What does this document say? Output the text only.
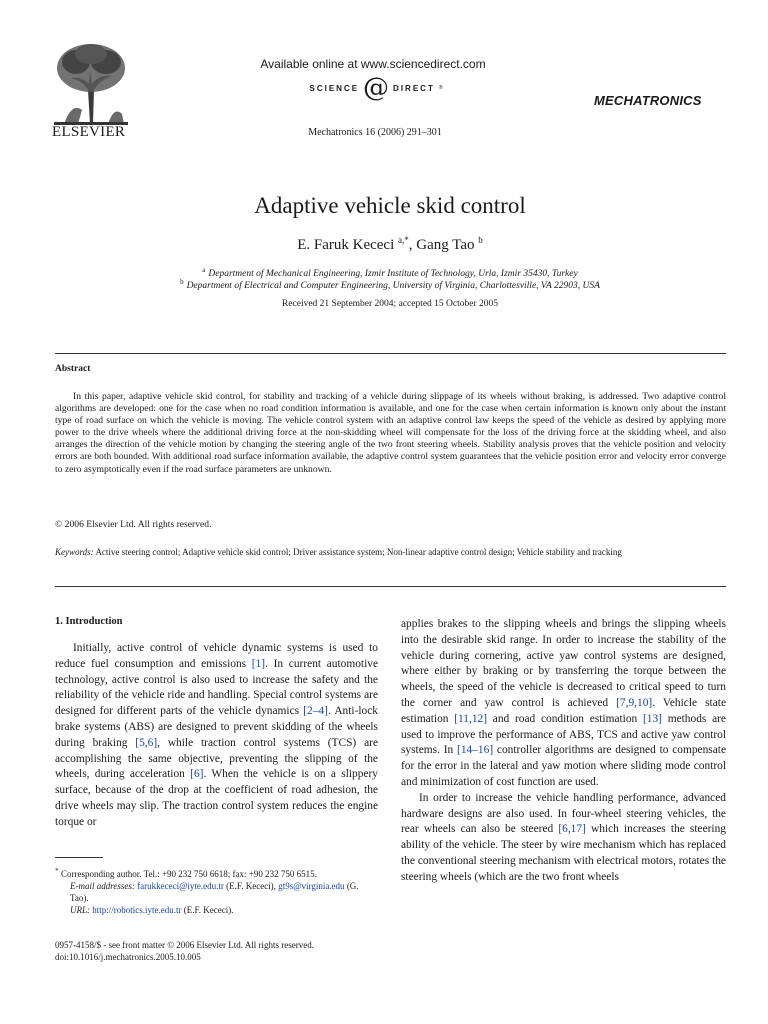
ELSEVIER
Available online at www.sciencedirect.com
SCIENCE @ DIRECT ®
Mechatronics 16 (2006) 291–301
MECHATRONICS
Adaptive vehicle skid control
E. Faruk Kececi $^{a,*}$, Gang Tao $^b$
$^a$ Department of Mechanical Engineering, Izmir Institute of Technology, Urla, Izmir 35430, Turkey
$^b$ Department of Electrical and Computer Engineering, University of Virginia, Charlottesville, VA 22903, USA
Received 21 September 2004; accepted 15 October 2005
Abstract
In this paper, adaptive vehicle skid control, for stability and tracking of a vehicle during slippage of its wheels without braking, is addressed. Two adaptive control algorithms are developed: one for the case when no road condition information is available, and one for the case when certain information is known only about the instant type of road surface on which the vehicle is moving. The vehicle control system with an adaptive control law keeps the speed of the vehicle as desired by applying more power to the drive wheels where the additional driving force at the non-skidding wheel will compensate for the loss of the driving force at the skidding wheel, and also arranges the direction of the vehicle motion by changing the steering angle of the two front steering wheels. Stability analysis proves that the vehicle position and velocity errors are both bounded. With additional road surface information available, the adaptive control system guarantees that the vehicle position error and velocity error converge to zero asymptotically even if the road surface parameters are unknown.
© 2006 Elsevier Ltd. All rights reserved.
Keywords: Active steering control; Adaptive vehicle skid control; Driver assistance system; Non-linear adaptive control design; Vehicle stability and tracking
1. Introduction

Initially, active control of vehicle dynamic systems is used to reduce fuel consumption and emissions [1]. In current automotive technology, active control is also used to increase the safety and the reliability of the vehicle ride and handling. Special control systems are designed for different parts of the vehicle dynamics [2–4]. Anti-lock brake systems (ABS) are designed to prevent skidding of the wheels during braking [5,6], while traction control systems (TCS) are accomplishing the same objective, preventing the slipping of the wheels, during acceleration [6]. When the vehicle is on a slippery surface, because of the drop at the coefficient of road adhesion, the drive wheels may slip. The traction control system reduces the engine torque or

applies brakes to the slipping wheels and brings the slipping wheels into the desirable skid range. In order to increase the stability of the vehicle during cornering, active yaw control systems are designed, where either by braking or by transferring the torque between the wheels, the speed of the vehicle is decreased to critical speed to turn the corner and yaw control is achieved [7,9,10]. Vehicle state estimation [11,12] and road condition estimation [13] methods are used to improve the performance of ABS, TCS and active yaw control systems. In [14–16] controller algorithms are designed to compensate for the error in the lateral and yaw motion where sliding mode control and minimization of cost function are used.

In order to increase the vehicle handling performance, advanced hardware designs are also used. In four-wheel steering vehicles, the rear wheels can also be steered [6,17] which increases the steering ability of the vehicle. The steer by wire mechanism which has replaced the conventional steering mechanism with electrical motors, rotates the steering wheels (which are the two front wheels

* Corresponding author. Tel.: +90 232 750 6618; fax: +90 232 750 6515.
E-mail addresses: farukkececi@iyte.edu.tr (E.F. Kececi), gt9s@virginia.edu (G. Tao).
URL: http://robotics.iyte.edu.tr (E.F. Kececi).
0957-4158/$ - see front matter © 2006 Elsevier Ltd. All rights reserved.
doi:10.1016/j.mechatronics.2005.10.005
